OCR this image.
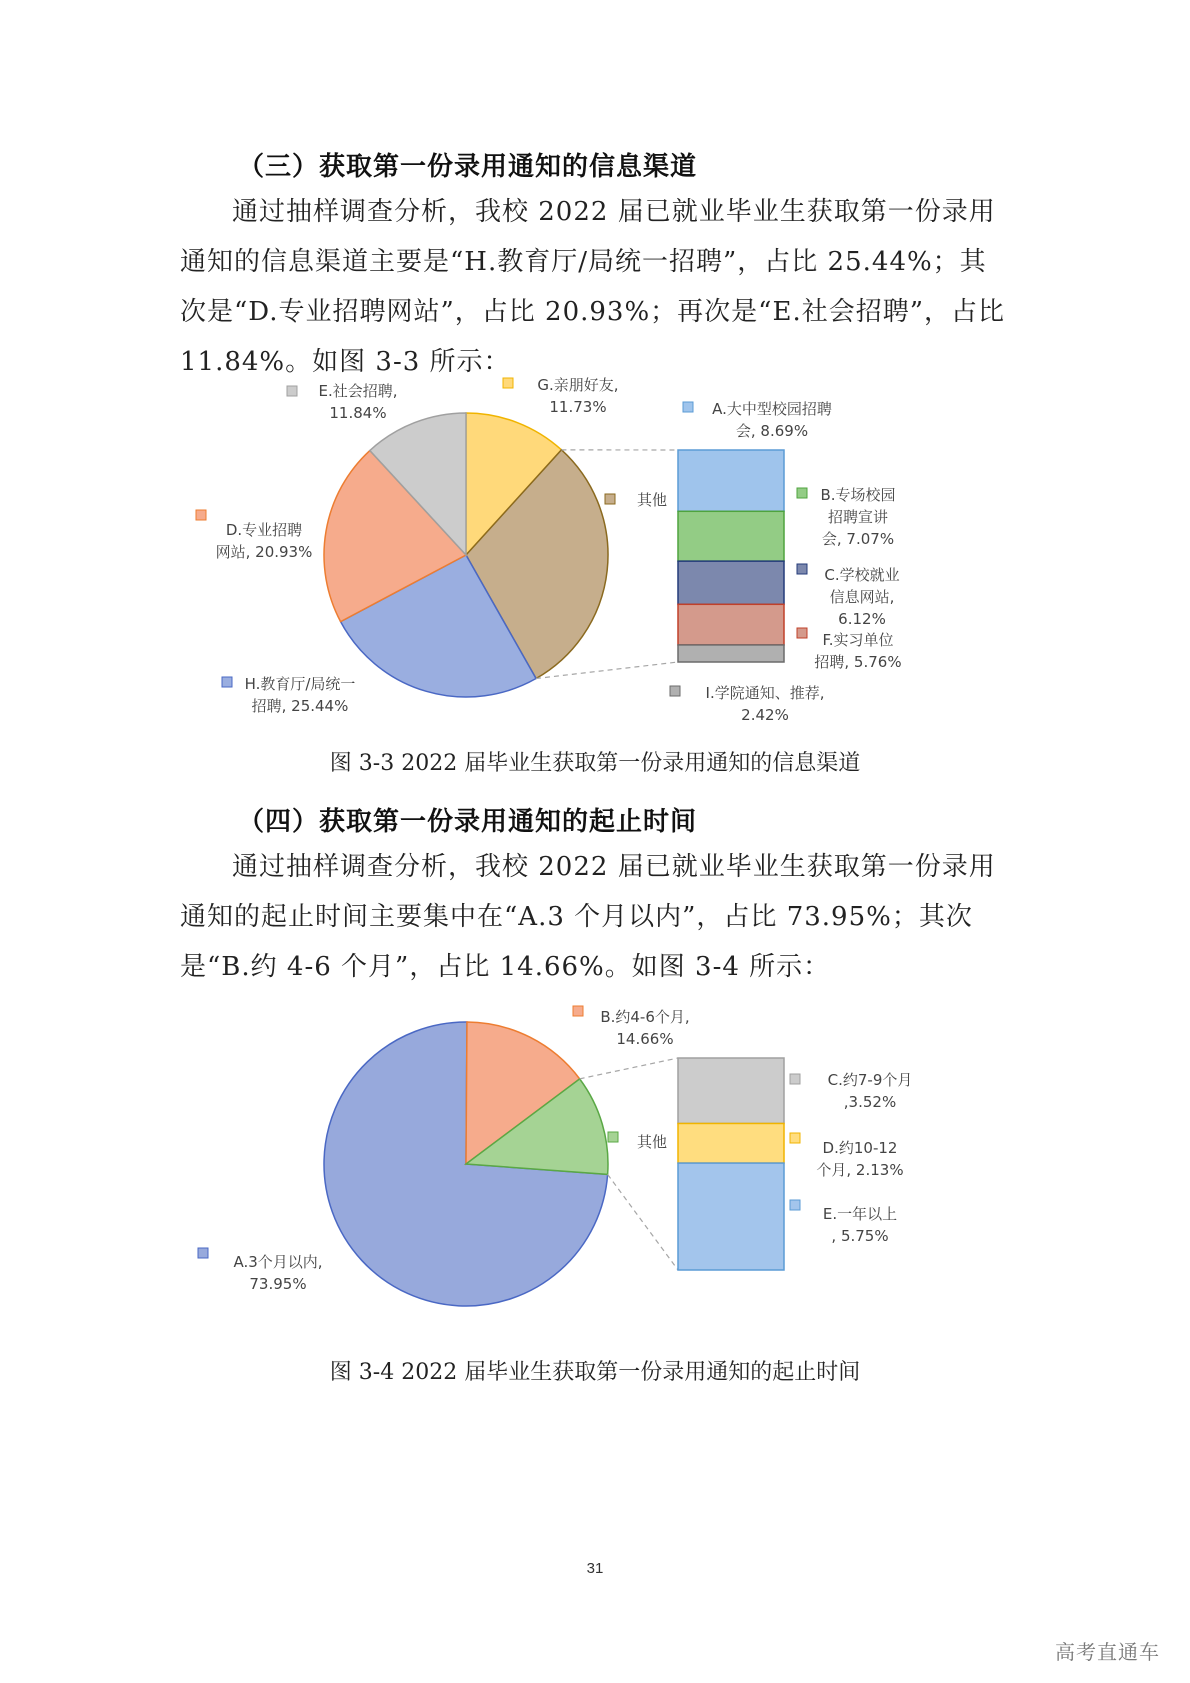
（三）获取第一份录用通知的信息渠道
通过抽样调查分析，我校 2022 届已就业毕业生获取第一份录用通知的信息渠道主要是“H.教育厅/局统一招聘”，占比 25.44%；其次是“D.专业招聘网站”，占比 20.93%；再次是“E.社会招聘”，占比 11.84%。如图 3-3 所示：
E.社会招聘,
11.84%
G.亲朋好友,
11.73%	A.大中型校园招聘
会, 8.69%
其他	B.专场校园
招聘宣讲
会, 7.07%
C.学校就业
信息网站,
6.12%
F.实习单位
招聘, 5.76%
I.学院通知、推荐,
2.42%
D.专业招聘
网站, 20.93%
H.教育厅/局统一
招聘, 25.44%
图 3-3 2022 届毕业生获取第一份录用通知的信息渠道
（四）获取第一份录用通知的起止时间
通过抽样调查分析，我校 2022 届已就业毕业生获取第一份录用通知的起止时间主要集中在“A.3 个月以内”，占比 73.95%；其次是“B.约 4-6 个月”，占比 14.66%。如图 3-4 所示：
B.约4-6个月,
14.66%
其他
C.约7-9个月
,3.52%
D.约10-12
个月, 2.13%
E.一年以上
, 5.75%
A.3个月以内,
73.95%
图 3-4 2022 届毕业生获取第一份录用通知的起止时间
31
高考直通车
